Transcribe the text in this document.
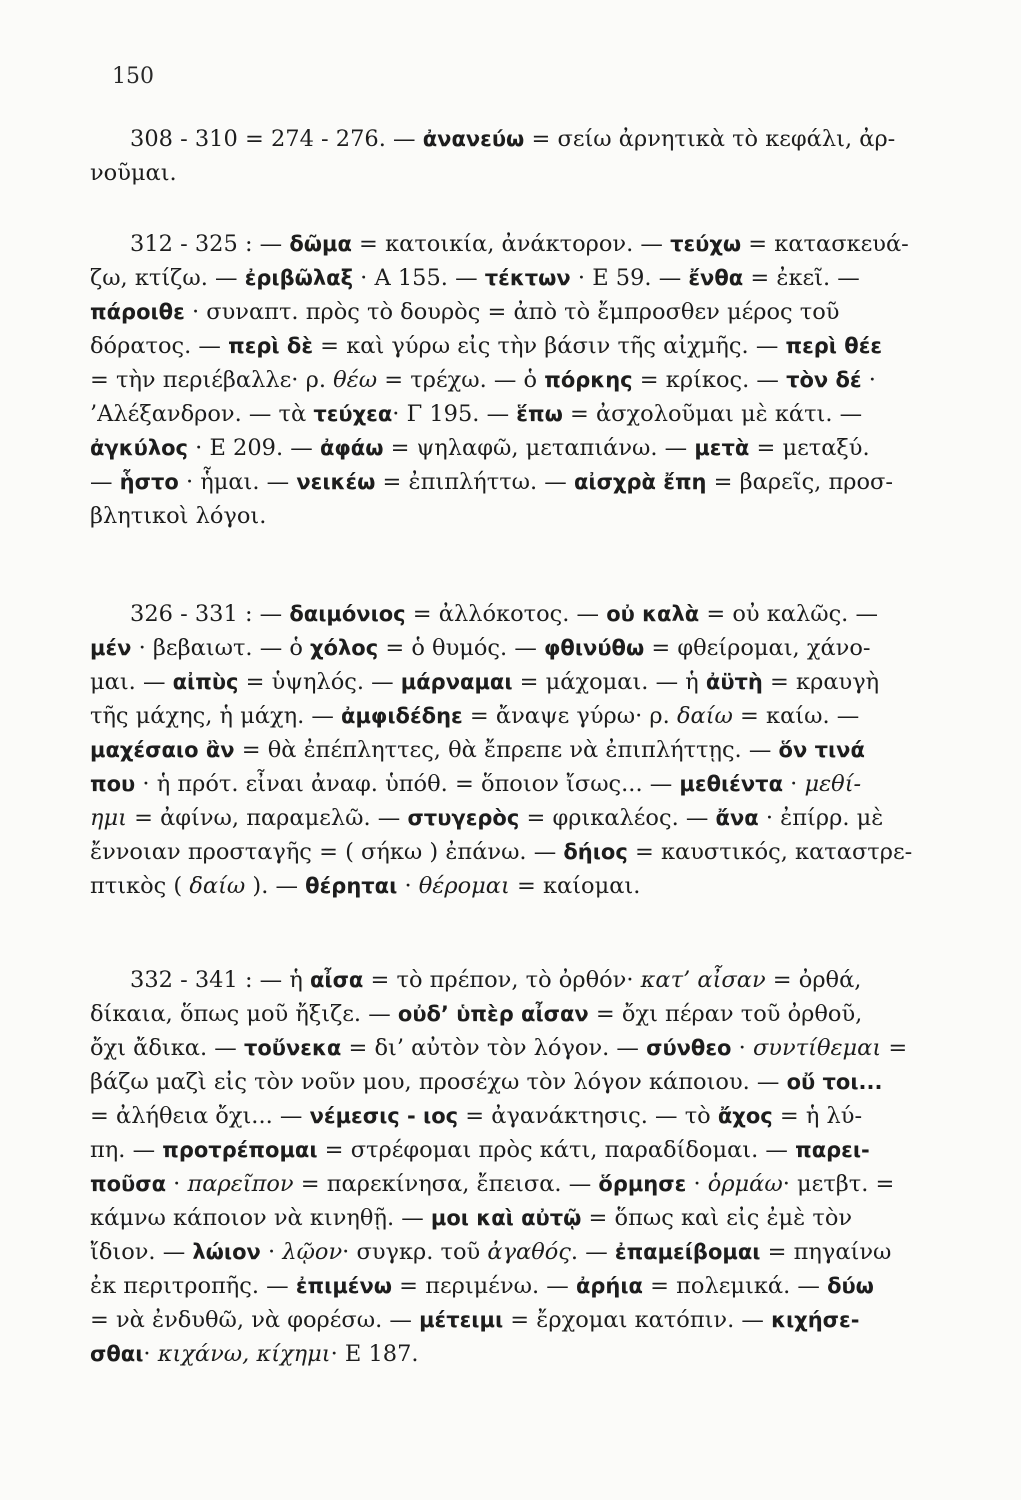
150
308 - 310 = 274 - 276. — ἀνανεύω = σείω ἀρνητικὰ τὸ κεφάλι, ἀρ-
νοῦμαι.
312 - 325 : — δῶμα = κατοικία, ἀνάκτορον. — τεύχω = κατασκευά-
ζω, κτίζω. — ἐριβῶλαξ · Α 155. — τέκτων · Ε 59. — ἔνθα = ἐκεῖ. —
πάροιθε · συναπτ. πρὸς τὸ δουρὸς = ἀπὸ τὸ ἔμπροσθεν μέρος τοῦ
δόρατος. — περὶ δὲ = καὶ γύρω εἰς τὴν βάσιν τῆς αἰχμῆς. — περὶ θέε
= τὴν περιέβαλλε· ρ. θέω = τρέχω. — ὁ πόρκης = κρίκος. — τὸν δέ ·
’Αλέξανδρον. — τὰ τεύχεα· Γ 195. — ἕπω = ἀσχολοῦμαι μὲ κάτι. —
ἀγκύλος · Ε 209. — ἀφάω = ψηλαφῶ, μεταπιάνω. — μετὰ = μεταξύ.
— ἧστο · ἧμαι. — νεικέω = ἐπιπλήττω. — αἰσχρὰ ἔπη = βαρεῖς, προσ-
βλητικοὶ λόγοι.
326 - 331 : — δαιμόνιος = ἀλλόκοτος. — οὐ καλὰ = οὐ καλῶς. —
μέν · βεβαιωτ. — ὁ χόλος = ὁ θυμός. — φθινύθω = φθείρομαι, χάνο-
μαι. — αἰπὺς = ὑψηλός. — μάρναμαι = μάχομαι. — ἡ ἀϋτὴ = κραυγὴ
τῆς μάχης, ἡ μάχη. — ἀμφιδέδηε = ἄναψε γύρω· ρ. δαίω = καίω. —
μαχέσαιο ἂν = θὰ ἐπέπληττες, θὰ ἔπρεπε νὰ ἐπιπλήττῃς. — ὅν τινά
που · ἡ πρότ. εἶναι ἀναφ. ὑπόθ. = ὅποιον ἴσως... — μεθιέντα · μεθί-
ημι = ἀφίνω, παραμελῶ. — στυγερὸς = φρικαλέος. — ἄνα · ἐπίρρ. μὲ
ἔννοιαν προσταγῆς = ( σήκω ) ἐπάνω. — δήιος = καυστικός, καταστρε-
πτικὸς ( δαίω ). — θέρηται · θέρομαι = καίομαι.
332 - 341 : — ἡ αἶσα = τὸ πρέπον, τὸ ὀρθόν· κατ’ αἶσαν = ὀρθά,
δίκαια, ὅπως μοῦ ἤξιζε. — οὐδ’ ὑπὲρ αἶσαν = ὄχι πέραν τοῦ ὀρθοῦ,
ὄχι ἄδικα. — τοὔνεκα = δι’ αὐτὸν τὸν λόγον. — σύνθεο · συντίθεμαι =
βάζω μαζὶ εἰς τὸν νοῦν μου, προσέχω τὸν λόγον κάποιου. — οὔ τοι...
= ἀλήθεια ὄχι... — νέμεσις - ιος = ἀγανάκτησις. — τὸ ἄχος = ἡ λύ-
πη. — προτρέπομαι = στρέφομαι πρὸς κάτι, παραδίδομαι. — παρει-
ποῦσα · παρεῖπον = παρεκίνησα, ἔπεισα. — ὅρμησε · ὁρμάω· μετβτ. =
κάμνω κάποιον νὰ κινηθῇ. — μοι καὶ αὐτῷ = ὅπως καὶ εἰς ἐμὲ τὸν
ἴδιον. — λώιον · λῷον· συγκρ. τοῦ ἀγαθός. — ἐπαμείβομαι = πηγαίνω
ἐκ περιτροπῆς. — ἐπιμένω = περιμένω. — ἀρήια = πολεμικά. — δύω
= νὰ ἐνδυθῶ, νὰ φορέσω. — μέτειμι = ἔρχομαι κατόπιν. — κιχήσε-
σθαι· κιχάνω, κίχημι· Ε 187.
